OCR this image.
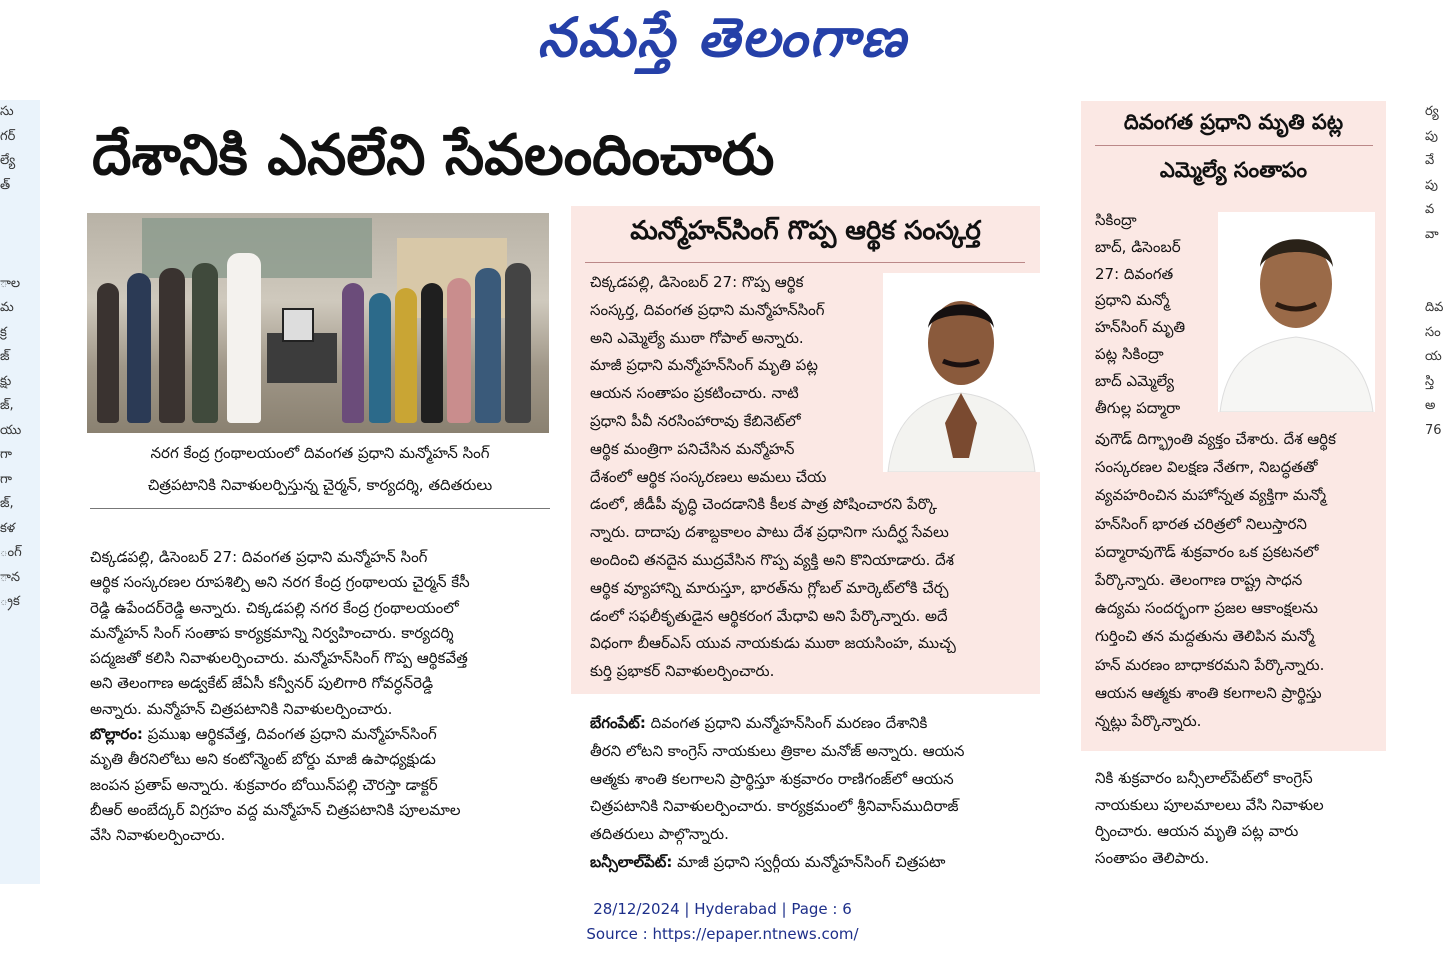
నమస్తే తెలంగాణ
సు
గర్
ల్యే
త్
ాల
మ
క్ర
జ్
క్షు
జ్,
యు
గా
గా
జ్,
కళ
ంగ్
ాన
్రక
ర్య
పు
వే
పు
వ
వా
దివ
సం
య
స్తి
అ
76
దేశానికి ఎనలేని సేవలందించారు
నరగ కేంద్ర గ్రంథాలయంలో దివంగత ప్రధాని మన్మోహన్ సింగ్
చిత్రపటానికి నివాళులర్పిస్తున్న చైర్మన్, కార్యదర్శి, తదితరులు

చిక్కడపల్లి, డిసెంబర్ 27: దివంగత ప్రధాని మన్మోహన్ సింగ్

ఆర్థిక సంస్కరణల రూపశిల్పి అని నరగ కేంద్ర గ్రంథాలయ చైర్మన్ కేసీ

రెడ్డి ఉపేందర్‌రెడ్డి అన్నారు. చిక్కడపల్లి నగర కేంద్ర గ్రంథాలయంలో

మన్మోహన్ సింగ్ సంతాప కార్యక్రమాన్ని నిర్వహించారు. కార్యదర్శి

పద్మజతో కలిసి నివాళులర్పించారు. మన్మోహన్‌సింగ్ గొప్ప ఆర్థికవేత్త

అని తెలంగాణ అడ్వకేట్ జేఏసీ కన్వీనర్ పులిగారి గోవర్ధన్‌రెడ్డి

అన్నారు. మన్మోహన్ చిత్రపటానికి నివాళులర్పించారు.

బొల్లారం: ప్రముఖ ఆర్థికవేత్త, దివంగత ప్రధాని మన్మోహన్‌సింగ్

మృతి తీరనిలోటు అని కంటోన్మెంట్ బోర్డు మాజీ ఉపాధ్యక్షుడు

జంపన ప్రతాప్ అన్నారు. శుక్రవారం బోయిన్‌పల్లి చౌరస్తా డాక్టర్

బీఆర్ అంబేద్కర్ విగ్రహం వద్ద మన్మోహన్ చిత్రపటానికి పూలమాల

వేసి నివాళులర్పించారు.

మన్మోహన్‌సింగ్ గొప్ప ఆర్థిక సంస్కర్త

చిక్కడపల్లి, డిసెంబర్ 27: గొప్ప ఆర్థిక

సంస్కర్త, దివంగత ప్రధాని మన్మోహన్‌సింగ్

అని ఎమ్మెల్యే ముఠా గోపాల్ అన్నారు.

మాజీ ప్రధాని మన్మోహన్‌సింగ్ మృతి పట్ల

ఆయన సంతాపం ప్రకటించారు. నాటి

ప్రధాని పీవీ నరసింహారావు కేబినెట్‌లో

ఆర్థిక మంత్రిగా పనిచేసిన మన్మోహన్

దేశంలో ఆర్థిక సంస్కరణలు అమలు చేయ

డంలో, జీడీపీ వృద్ధి చెందడానికి కీలక పాత్ర పోషించారని పేర్కొ

న్నారు. దాదాపు దశాబ్దకాలం పాటు దేశ ప్రధానిగా సుదీర్ఘ సేవలు

అందించి తనదైన ముద్రవేసిన గొప్ప వ్యక్తి అని కొనియాడారు. దేశ

ఆర్థిక వ్యూహాన్ని మారుస్తూ, భారత్‌ను గ్లోబల్ మార్కెట్‌లోకి చేర్చ

డంలో సఫలీకృతుడైన ఆర్థికరంగ మేధావి అని పేర్కొన్నారు. అదే

విధంగా బీఆర్‌ఎస్ యువ నాయకుడు ముఠా జయసింహ, ముచ్చ

కుర్తి ప్రభాకర్ నివాళులర్పించారు.

బేగంపేట్: దివంగత ప్రధాని మన్మోహన్‌సింగ్ మరణం దేశానికి

తీరని లోటని కాంగ్రెస్ నాయకులు త్రికాల మనోజ్ అన్నారు. ఆయన

ఆత్మకు శాంతి కలగాలని ప్రార్థిస్తూ శుక్రవారం రాణిగంజ్‌లో ఆయన

చిత్రపటానికి నివాళులర్పించారు. కార్యక్రమంలో శ్రీనివాస్‌ముదిరాజ్

తదితరులు పాల్గొన్నారు.

బన్సీలాల్‌పేట్: మాజీ ప్రధాని స్వర్గీయ మన్మోహన్‌సింగ్ చిత్రపటా

దివంగత ప్రధాని మృతి పట్ల
ఎమ్మెల్యే సంతాపం

సికింద్రా

బాద్, డిసెంబర్

27: దివంగత

ప్రధాని మన్మో

హన్‌సింగ్ మృతి

పట్ల సికింద్రా

బాద్ ఎమ్మెల్యే

తీగుల్ల పద్మారా

వుగౌడ్ దిగ్భ్రాంతి వ్యక్తం చేశారు. దేశ ఆర్థిక

సంస్కరణల విలక్షణ నేతగా, నిబద్ధతతో

వ్యవహరించిన మహోన్నత వ్యక్తిగా మన్మో

హన్‌సింగ్ భారత చరిత్రలో నిలుస్తారని

పద్మారావుగౌడ్ శుక్రవారం ఒక ప్రకటనలో

పేర్కొన్నారు. తెలంగాణ రాష్ట్ర సాధన

ఉద్యమ సందర్భంగా ప్రజల ఆకాంక్షలను

గుర్తించి తన మద్దతును తెలిపిన మన్మో

హన్ మరణం బాధాకరమని పేర్కొన్నారు.

ఆయన ఆత్మకు శాంతి కలగాలని ప్రార్థిస్తు

న్నట్లు పేర్కొన్నారు.

నికి శుక్రవారం బన్సీలాల్‌పేట్‌లో కాంగ్రెస్

నాయకులు పూలమాలలు వేసి నివాళుల

ర్పించారు. ఆయన మృతి పట్ల వారు

సంతాపం తెలిపారు.

28/12/2024 | Hyderabad | Page : 6
Source : https://epaper.ntnews.com/
